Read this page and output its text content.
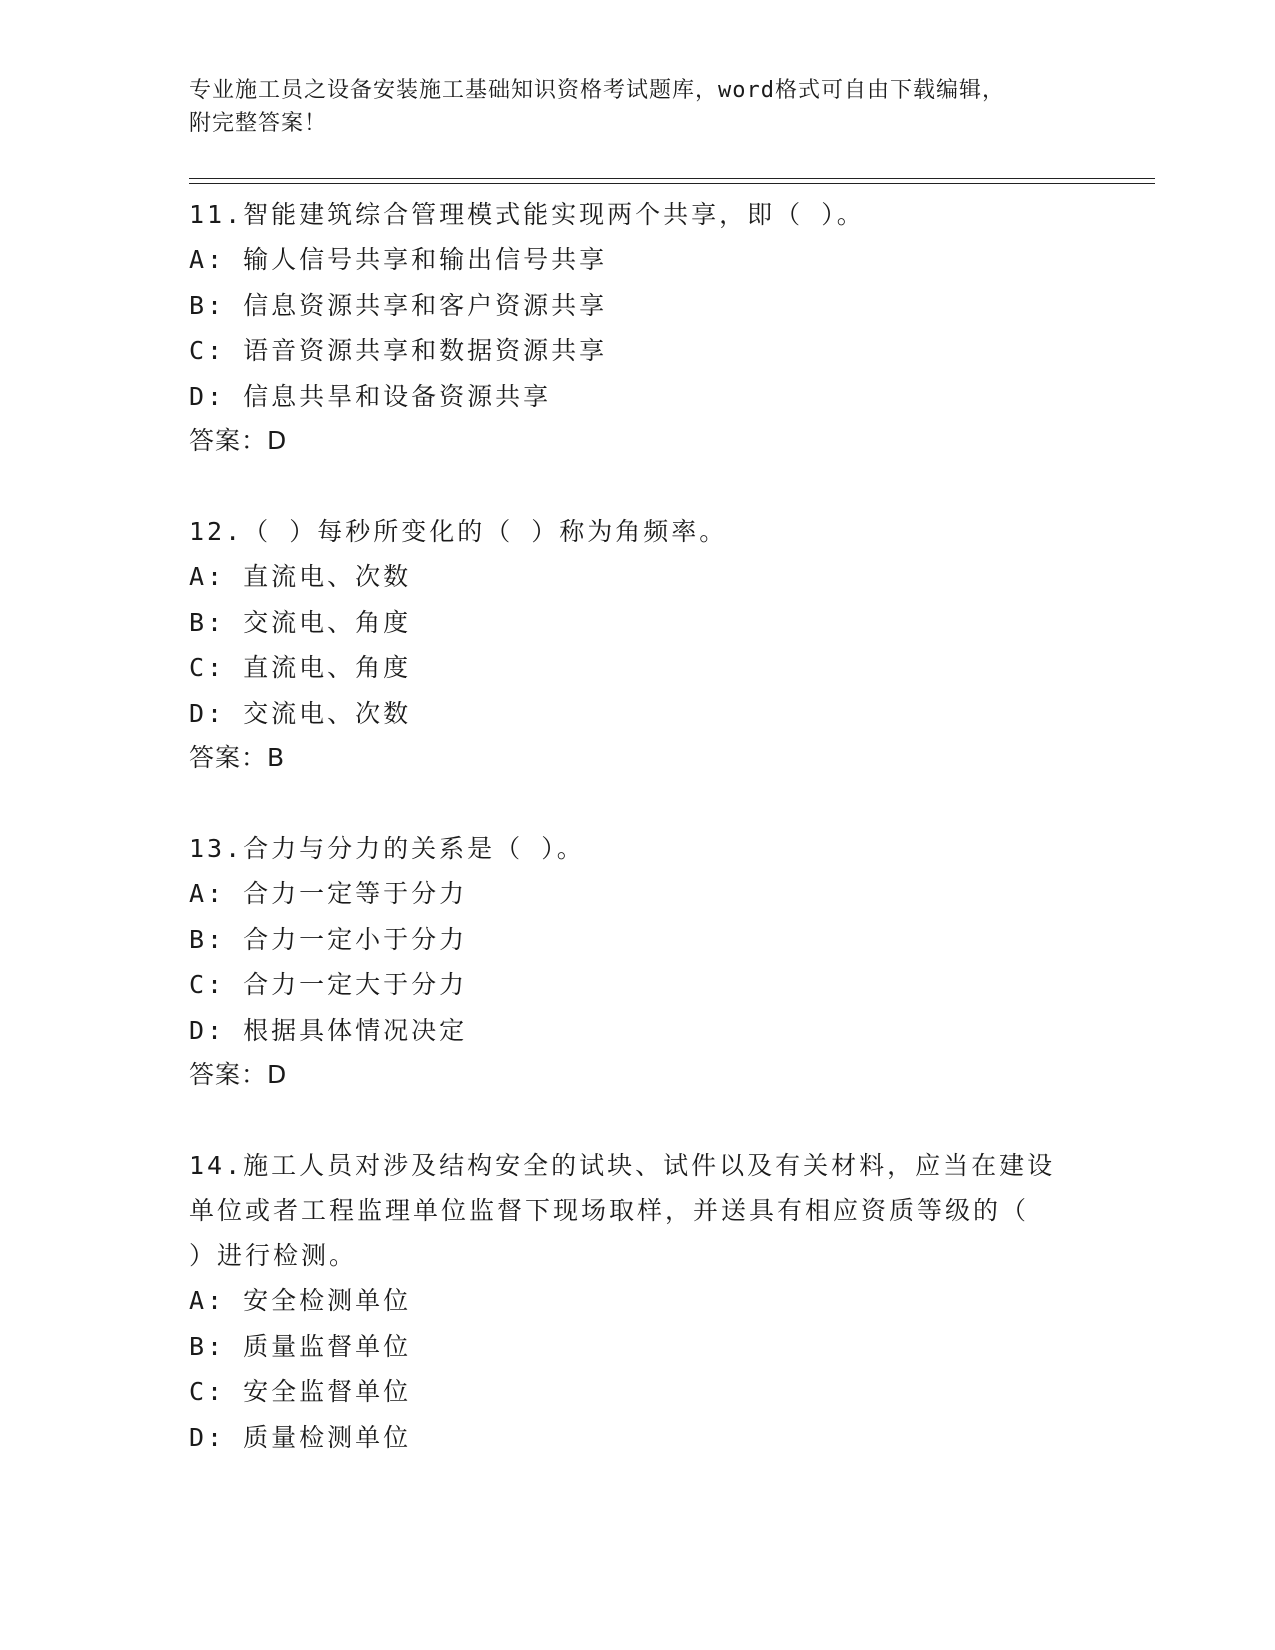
专业施工员之设备安装施工基础知识资格考试题库，word格式可自由下载编辑，
附完整答案！
11.智能建筑综合管理模式能实现两个共享，即（ ）。
A: 输人信号共享和输出信号共享
B: 信息资源共享和客户资源共享
C: 语音资源共享和数据资源共享
D: 信息共旱和设备资源共享
答案：D
12.（ ）每秒所变化的（ ）称为角频率。
A: 直流电、次数
B: 交流电、角度
C: 直流电、角度
D: 交流电、次数
答案：B
13.合力与分力的关系是（ ）。
A: 合力一定等于分力
B: 合力一定小于分力
C: 合力一定大于分力
D: 根据具体情况决定
答案：D
14.施工人员对涉及结构安全的试块、试件以及有关材料，应当在建设
单位或者工程监理单位监督下现场取样，并送具有相应资质等级的（
）进行检测。
A: 安全检测单位
B: 质量监督单位
C: 安全监督单位
D: 质量检测单位
